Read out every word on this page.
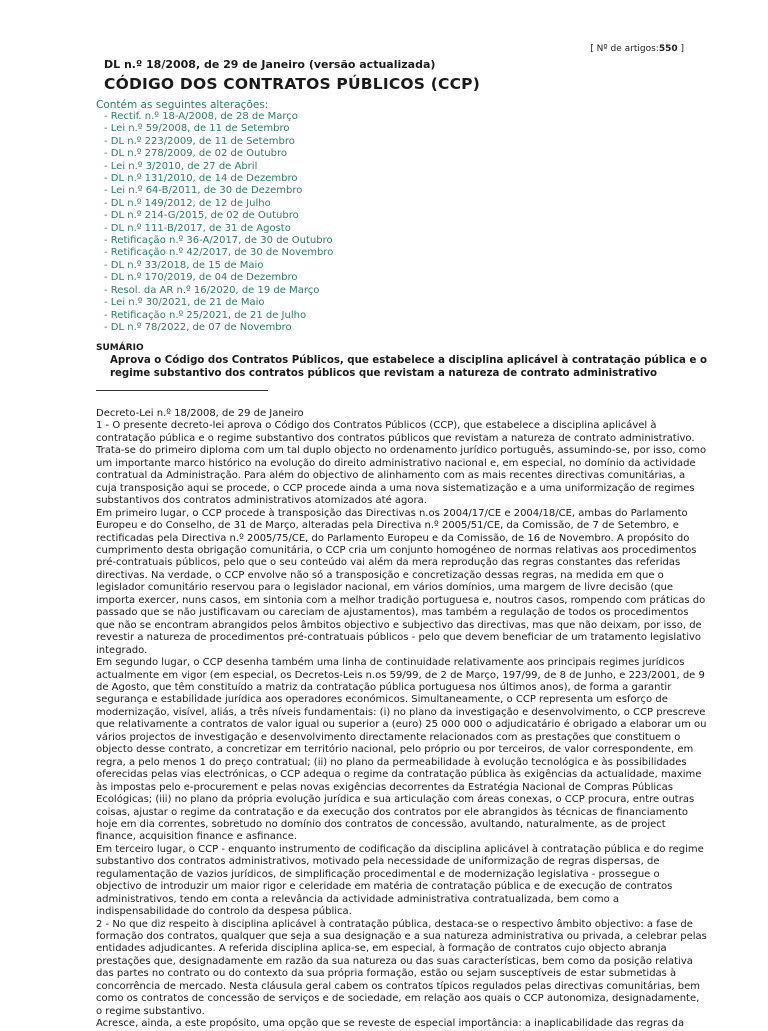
[ Nº de artigos:550 ]
DL n.º 18/2008, de 29 de Janeiro (versão actualizada)
CÓDIGO DOS CONTRATOS PÚBLICOS (CCP)
Contém as seguintes alterações:
- Rectif. n.º 18-A/2008, de 28 de Março
- Lei n.º 59/2008, de 11 de Setembro
- DL n.º 223/2009, de 11 de Setembro
- DL n.º 278/2009, de 02 de Outubro
- Lei n.º 3/2010, de 27 de Abril
- DL n.º 131/2010, de 14 de Dezembro
- Lei n.º 64-B/2011, de 30 de Dezembro
- DL n.º 149/2012, de 12 de Julho
- DL n.º 214-G/2015, de 02 de Outubro
- DL n.º 111-B/2017, de 31 de Agosto
- Retificação n.º 36-A/2017, de 30 de Outubro
- Retificação n.º 42/2017, de 30 de Novembro
- DL n.º 33/2018, de 15 de Maio
- DL n.º 170/2019, de 04 de Dezembro
- Resol. da AR n.º 16/2020, de 19 de Março
- Lei n.º 30/2021, de 21 de Maio
- Retificação n.º 25/2021, de 21 de Julho
- DL n.º 78/2022, de 07 de Novembro
SUMÁRIO
Aprova o Código dos Contratos Públicos, que estabelece a disciplina aplicável à contratação pública e o regime substantivo dos contratos públicos que revistam a natureza de contrato administrativo

Decreto-Lei n.º 18/2008, de 29 de Janeiro

1 - O presente decreto-lei aprova o Código dos Contratos Públicos (CCP), que estabelece a disciplina aplicável à contratação pública e o regime substantivo dos contratos públicos que revistam a natureza de contrato administrativo.

Trata-se do primeiro diploma com um tal duplo objecto no ordenamento jurídico português, assumindo-se, por isso, como um importante marco histórico na evolução do direito administrativo nacional e, em especial, no domínio da actividade contratual da Administração. Para além do objectivo de alinhamento com as mais recentes directivas comunitárias, a cuja transposição aqui se procede, o CCP procede ainda a uma nova sistematização e a uma uniformização de regimes substantivos dos contratos administrativos atomizados até agora.

Em primeiro lugar, o CCP procede à transposição das Directivas n.os 2004/17/CE e 2004/18/CE, ambas do Parlamento Europeu e do Conselho, de 31 de Março, alteradas pela Directiva n.º 2005/51/CE, da Comissão, de 7 de Setembro, e rectificadas pela Directiva n.º 2005/75/CE, do Parlamento Europeu e da Comissão, de 16 de Novembro. A propósito do cumprimento desta obrigação comunitária, o CCP cria um conjunto homogéneo de normas relativas aos procedimentos pré-contratuais públicos, pelo que o seu conteúdo vai além da mera reprodução das regras constantes das referidas directivas. Na verdade, o CCP envolve não só a transposição e concretização dessas regras, na medida em que o legislador comunitário reservou para o legislador nacional, em vários domínios, uma margem de livre decisão (que importa exercer, nuns casos, em sintonia com a melhor tradição portuguesa e, noutros casos, rompendo com práticas do passado que se não justificavam ou careciam de ajustamentos), mas também a regulação de todos os procedimentos que não se encontram abrangidos pelos âmbitos objectivo e subjectivo das directivas, mas que não deixam, por isso, de revestir a natureza de procedimentos pré-contratuais públicos - pelo que devem beneficiar de um tratamento legislativo integrado.

Em segundo lugar, o CCP desenha também uma linha de continuidade relativamente aos principais regimes jurídicos actualmente em vigor (em especial, os Decretos-Leis n.os 59/99, de 2 de Março, 197/99, de 8 de Junho, e 223/2001, de 9 de Agosto, que têm constituído a matriz da contratação pública portuguesa nos últimos anos), de forma a garantir segurança e estabilidade jurídica aos operadores económicos. Simultaneamente, o CCP representa um esforço de modernização, visível, aliás, a três níveis fundamentais: (i) no plano da investigação e desenvolvimento, o CCP prescreve que relativamente a contratos de valor igual ou superior a (euro) 25 000 000 o adjudicatário é obrigado a elaborar um ou vários projectos de investigação e desenvolvimento directamente relacionados com as prestações que constituem o objecto desse contrato, a concretizar em território nacional, pelo próprio ou por terceiros, de valor correspondente, em regra, a pelo menos 1 do preço contratual; (ii) no plano da permeabilidade à evolução tecnológica e às possibilidades oferecidas pelas vias electrónicas, o CCP adequa o regime da contratação pública às exigências da actualidade, maxime às impostas pelo e-procurement e pelas novas exigências decorrentes da Estratégia Nacional de Compras Públicas Ecológicas; (iii) no plano da própria evolução jurídica e sua articulação com áreas conexas, o CCP procura, entre outras coisas, ajustar o regime da contratação e da execução dos contratos por ele abrangidos às técnicas de financiamento hoje em dia correntes, sobretudo no domínio dos contratos de concessão, avultando, naturalmente, as de project finance, acquisition finance e asfinance.

Em terceiro lugar, o CCP - enquanto instrumento de codificação da disciplina aplicável à contratação pública e do regime substantivo dos contratos administrativos, motivado pela necessidade de uniformização de regras dispersas, de regulamentação de vazios jurídicos, de simplificação procedimental e de modernização legislativa - prossegue o objectivo de introduzir um maior rigor e celeridade em matéria de contratação pública e de execução de contratos administrativos, tendo em conta a relevância da actividade administrativa contratualizada, bem como a indispensabilidade do controlo da despesa pública.

2 - No que diz respeito à disciplina aplicável à contratação pública, destaca-se o respectivo âmbito objectivo: a fase de formação dos contratos, qualquer que seja a sua designação e a sua natureza administrativa ou privada, a celebrar pelas entidades adjudicantes. A referida disciplina aplica-se, em especial, à formação de contratos cujo objecto abranja prestações que, designadamente em razão da sua natureza ou das suas características, bem como da posição relativa das partes no contrato ou do contexto da sua própria formação, estão ou sejam susceptíveis de estar submetidas à concorrência de mercado. Nesta cláusula geral cabem os contratos típicos regulados pelas directivas comunitárias, bem como os contratos de concessão de serviços e de sociedade, em relação aos quais o CCP autonomiza, designadamente, o regime substantivo.

Acresce, ainda, a este propósito, uma opção que se reveste de especial importância: a inaplicabilidade das regras da
